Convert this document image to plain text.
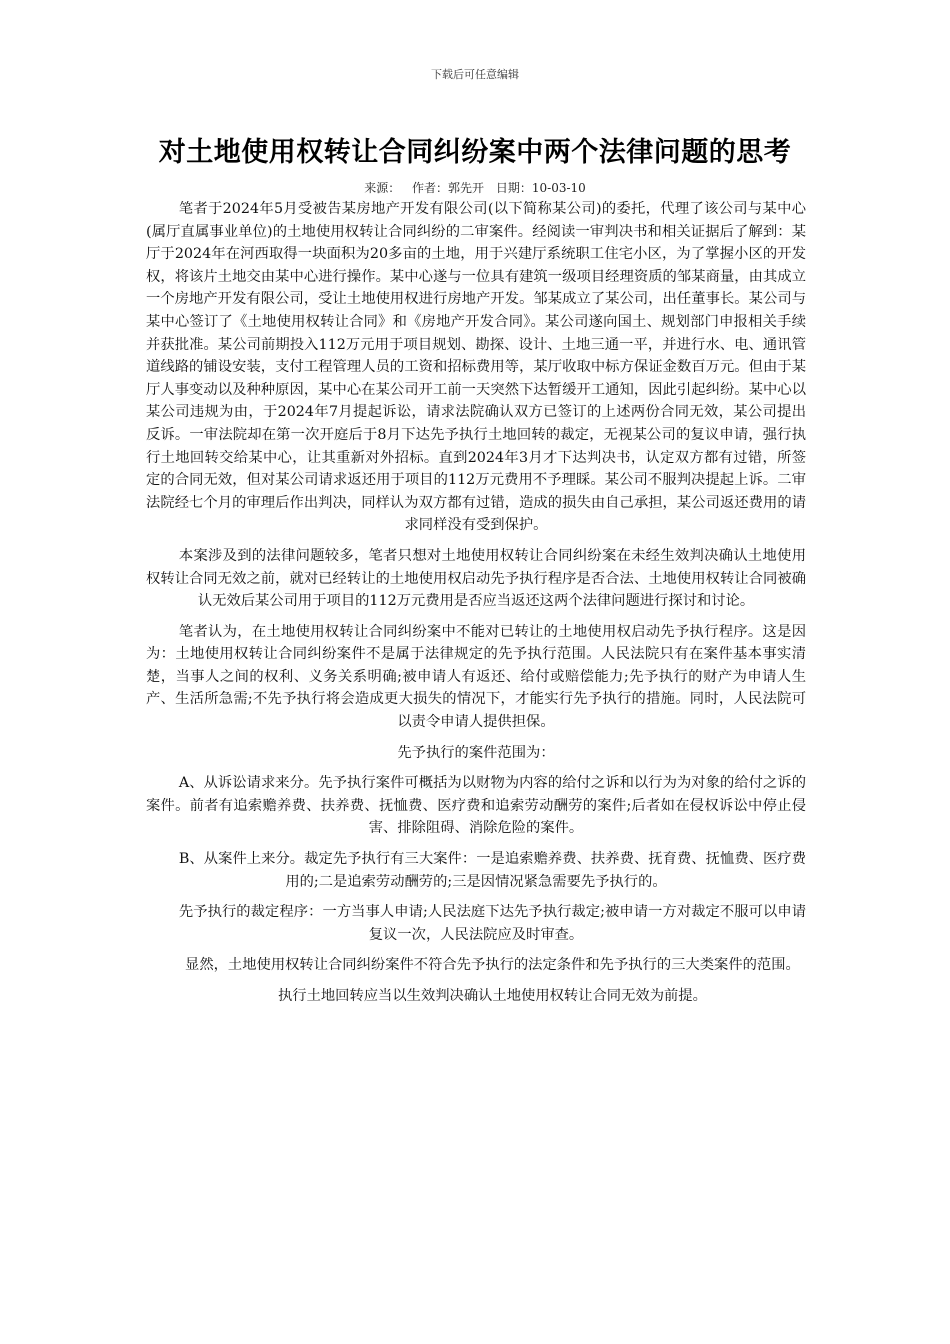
下载后可任意编辑
对土地使用权转让合同纠纷案中两个法律问题的思考
来源： 作者：郭先开 日期：10-03-10

笔者于2024年5月受被告某房地产开发有限公司(以下简称某公司)的委托，代理了该公司与某中心(属厅直属事业单位)的土地使用权转让合同纠纷的二审案件。经阅读一审判决书和相关证据后了解到：某厅于2024年在河西取得一块面积为20多亩的土地，用于兴建厅系统职工住宅小区，为了掌握小区的开发权，将该片土地交由某中心进行操作。某中心遂与一位具有建筑一级项目经理资质的邹某商量，由其成立一个房地产开发有限公司，受让土地使用权进行房地产开发。邹某成立了某公司，出任董事长。某公司与某中心签订了《土地使用权转让合同》和《房地产开发合同》。某公司遂向国土、规划部门申报相关手续并获批准。某公司前期投入112万元用于项目规划、勘探、设计、土地三通一平，并进行水、电、通讯管道线路的铺设安装，支付工程管理人员的工资和招标费用等，某厅收取中标方保证金数百万元。但由于某厅人事变动以及种种原因，某中心在某公司开工前一天突然下达暂缓开工通知，因此引起纠纷。某中心以某公司违规为由，于2024年7月提起诉讼，请求法院确认双方已签订的上述两份合同无效，某公司提出反诉。一审法院却在第一次开庭后于8月下达先予执行土地回转的裁定，无视某公司的复议申请，强行执行土地回转交给某中心，让其重新对外招标。直到2024年3月才下达判决书，认定双方都有过错，所签定的合同无效，但对某公司请求返还用于项目的112万元费用不予理睬。某公司不服判决提起上诉。二审法院经七个月的审理后作出判决，同样认为双方都有过错，造成的损失由自己承担，某公司返还费用的请求同样没有受到保护。

本案涉及到的法律问题较多，笔者只想对土地使用权转让合同纠纷案在未经生效判决确认土地使用权转让合同无效之前，就对已经转让的土地使用权启动先予执行程序是否合法、土地使用权转让合同被确认无效后某公司用于项目的112万元费用是否应当返还这两个法律问题进行探讨和讨论。

笔者认为，在土地使用权转让合同纠纷案中不能对已转让的土地使用权启动先予执行程序。这是因为：土地使用权转让合同纠纷案件不是属于法律规定的先予执行范围。人民法院只有在案件基本事实清楚，当事人之间的权利、义务关系明确;被申请人有返还、给付或赔偿能力;先予执行的财产为申请人生产、生活所急需;不先予执行将会造成更大损失的情况下，才能实行先予执行的措施。同时，人民法院可以责令申请人提供担保。

先予执行的案件范围为：

A、从诉讼请求来分。先予执行案件可概括为以财物为内容的给付之诉和以行为为对象的给付之诉的案件。前者有追索赡养费、扶养费、抚恤费、医疗费和追索劳动酬劳的案件;后者如在侵权诉讼中停止侵害、排除阻碍、消除危险的案件。

B、从案件上来分。裁定先予执行有三大案件：一是追索赡养费、扶养费、抚育费、抚恤费、医疗费用的;二是追索劳动酬劳的;三是因情况紧急需要先予执行的。

先予执行的裁定程序：一方当事人申请;人民法庭下达先予执行裁定;被申请一方对裁定不服可以申请复议一次，人民法院应及时审查。

显然，土地使用权转让合同纠纷案件不符合先予执行的法定条件和先予执行的三大类案件的范围。

执行土地回转应当以生效判决确认土地使用权转让合同无效为前提。
